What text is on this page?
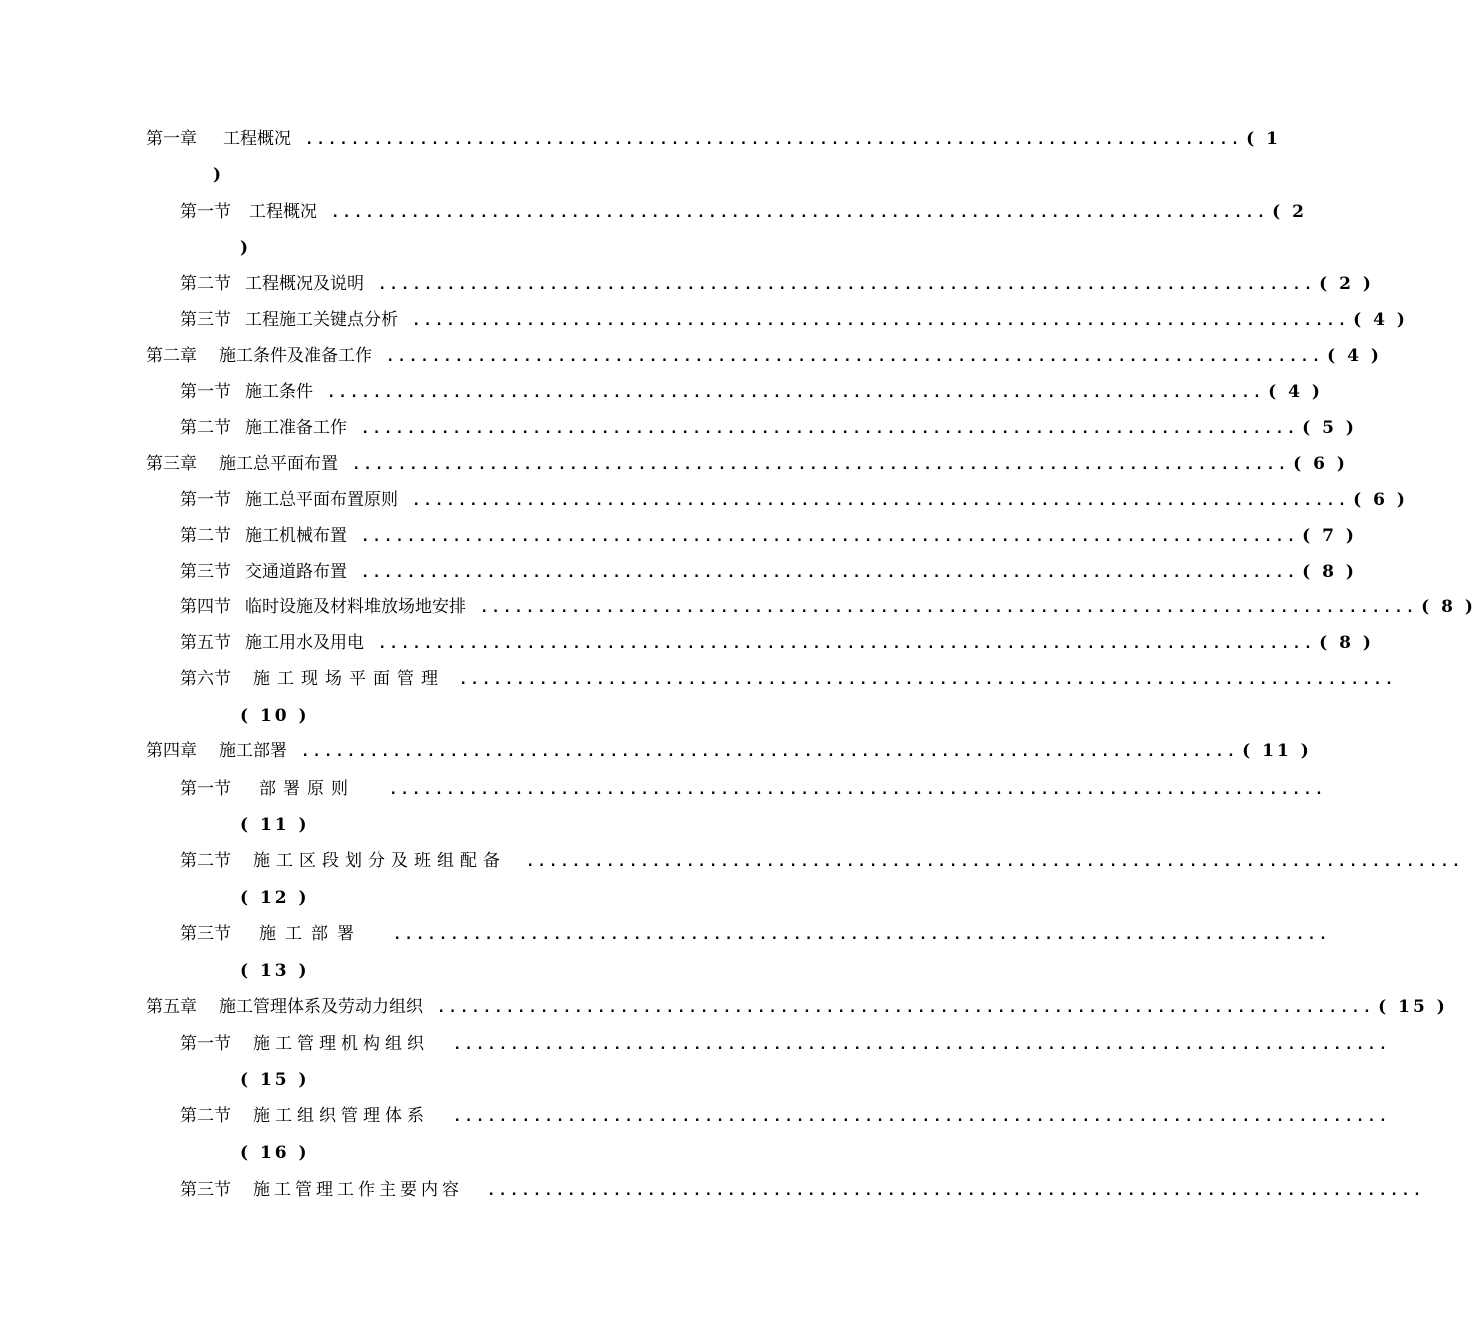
第一章 工程概况 .................................................................................. ( 1
)
第一节 工程概况 .................................................................................. ( 2
)
第二节 工程概况及说明 .................................................................................. ( 2 )
第三节 工程施工关键点分析 .................................................................................. ( 4 )
第二章 施工条件及准备工作 .................................................................................. ( 4 )
第一节 施工条件 .................................................................................. ( 4 )
第二节 施工准备工作 .................................................................................. ( 5 )
第三章 施工总平面布置 .................................................................................. ( 6 )
第一节 施工总平面布置原则 .................................................................................. ( 6 )
第二节 施工机械布置 .................................................................................. ( 7 )
第三节 交通道路布置 .................................................................................. ( 8 )
第四节 临时设施及材料堆放场地安排 .................................................................................. ( 8 )
第五节 施工用水及用电 .................................................................................. ( 8 )
第六节 施工现场平面管理 ..................................................................................
( 10 )
第四章 施工部署 .................................................................................. ( 11 )
第一节 部署原则 ..................................................................................
( 11 )
第二节 施工区段划分及班组配备 ..................................................................................
( 12 )
第三节 施工部署 ..................................................................................
( 13 )
第五章 施工管理体系及劳动力组织 .................................................................................. ( 15 )
第一节 施工管理机构组织 ..................................................................................
( 15 )
第二节 施工组织管理体系 ..................................................................................
( 16 )
第三节 施工管理工作主要内容 ..................................................................................
